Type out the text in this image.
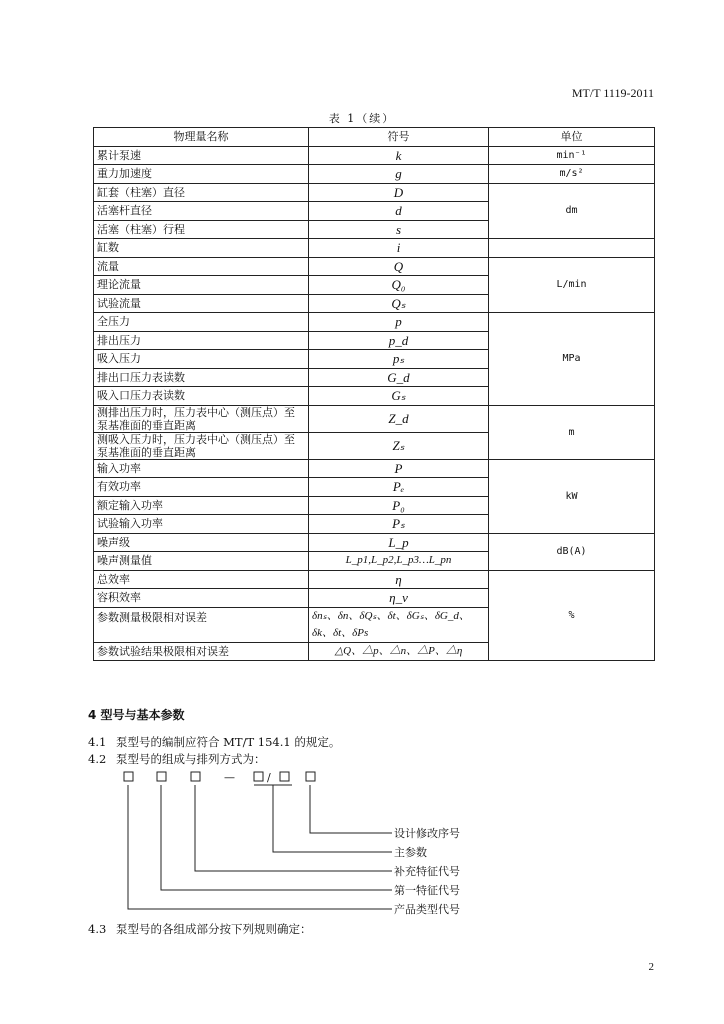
MT/T 1119-2011
表 1（续）
物理量名称	符号	单位
累计泵速	k	min⁻¹
重力加速度	g	m/s²
缸套（柱塞）直径	D	dm
活塞杆直径	d	
活塞（柱塞）行程	s	
缸数	i	
流量	Q	L/min
理论流量	Q₀	
试验流量	Qₛ	
全压力	p	MPa
排出压力	p_d	
吸入压力	pₛ	
排出口压力表读数	G_d	
吸入口压力表读数	Gₛ	
测排出压力时，压力表中心（测压点）至泵基准面的垂直距离	Z_d	m
测吸入压力时，压力表中心（测压点）至泵基准面的垂直距离	Zₛ	
输入功率	P	kW
有效功率	Pₑ	
额定输入功率	P₀	
试验输入功率	Pₛ	
噪声级	L_p	dB(A)
噪声测量值	L_p1,L_p2,L_p3…L_pn	
总效率	η	%
容积效率	η_v	
参数测量极限相对误差	δnₛ、δn、δQₛ、δt、δGₛ、δG_d、δk、δt、δPs	
参数试验结果极限相对误差	△Q、△p、△n、△P、△η	
4 型号与基本参数
4.1 泵型号的编制应符合 MT/T 154.1 的规定。
4.2 泵型号的组成与排列方式为：
—	/
设计修改序号
主参数
补充特征代号
第一特征代号
产品类型代号
4.3 泵型号的各组成部分按下列规则确定：
2
